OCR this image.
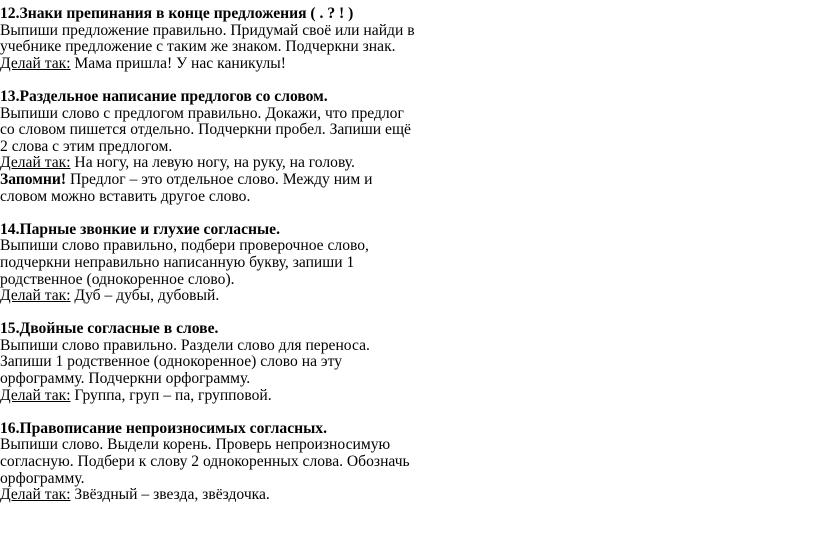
12.Знаки препинания в конце предложения ( . ? ! )
Выпиши предложение правильно. Придумай своё или найди в
учебнике предложение с таким же знаком. Подчеркни знак.
Делай так: Мама пришла! У нас каникулы!
13.Раздельное написание предлогов со словом.
Выпиши слово с предлогом правильно. Докажи, что предлог
со словом пишется отдельно. Подчеркни пробел. Запиши ещё
2 слова с этим предлогом.
Делай так: На ногу, на левую ногу, на руку, на голову.
Запомни! Предлог – это отдельное слово. Между ним и
словом можно вставить другое слово.
14.Парные звонкие и глухие согласные.
Выпиши слово правильно, подбери проверочное слово,
подчеркни неправильно написанную букву, запиши 1
родственное (однокоренное слово).
Делай так: Дуб – дубы, дубовый.
15.Двойные согласные в слове.
Выпиши слово правильно. Раздели слово для переноса.
Запиши 1 родственное (однокоренное) слово на эту
орфограмму. Подчеркни орфограмму.
Делай так: Группа, груп – па, групповой.
16.Правописание непроизносимых согласных.
Выпиши слово. Выдели корень. Проверь непроизносимую
согласную. Подбери к слову 2 однокоренных слова. Обозначь
орфограмму.
Делай так: Звёздный – звезда, звёздочка.
